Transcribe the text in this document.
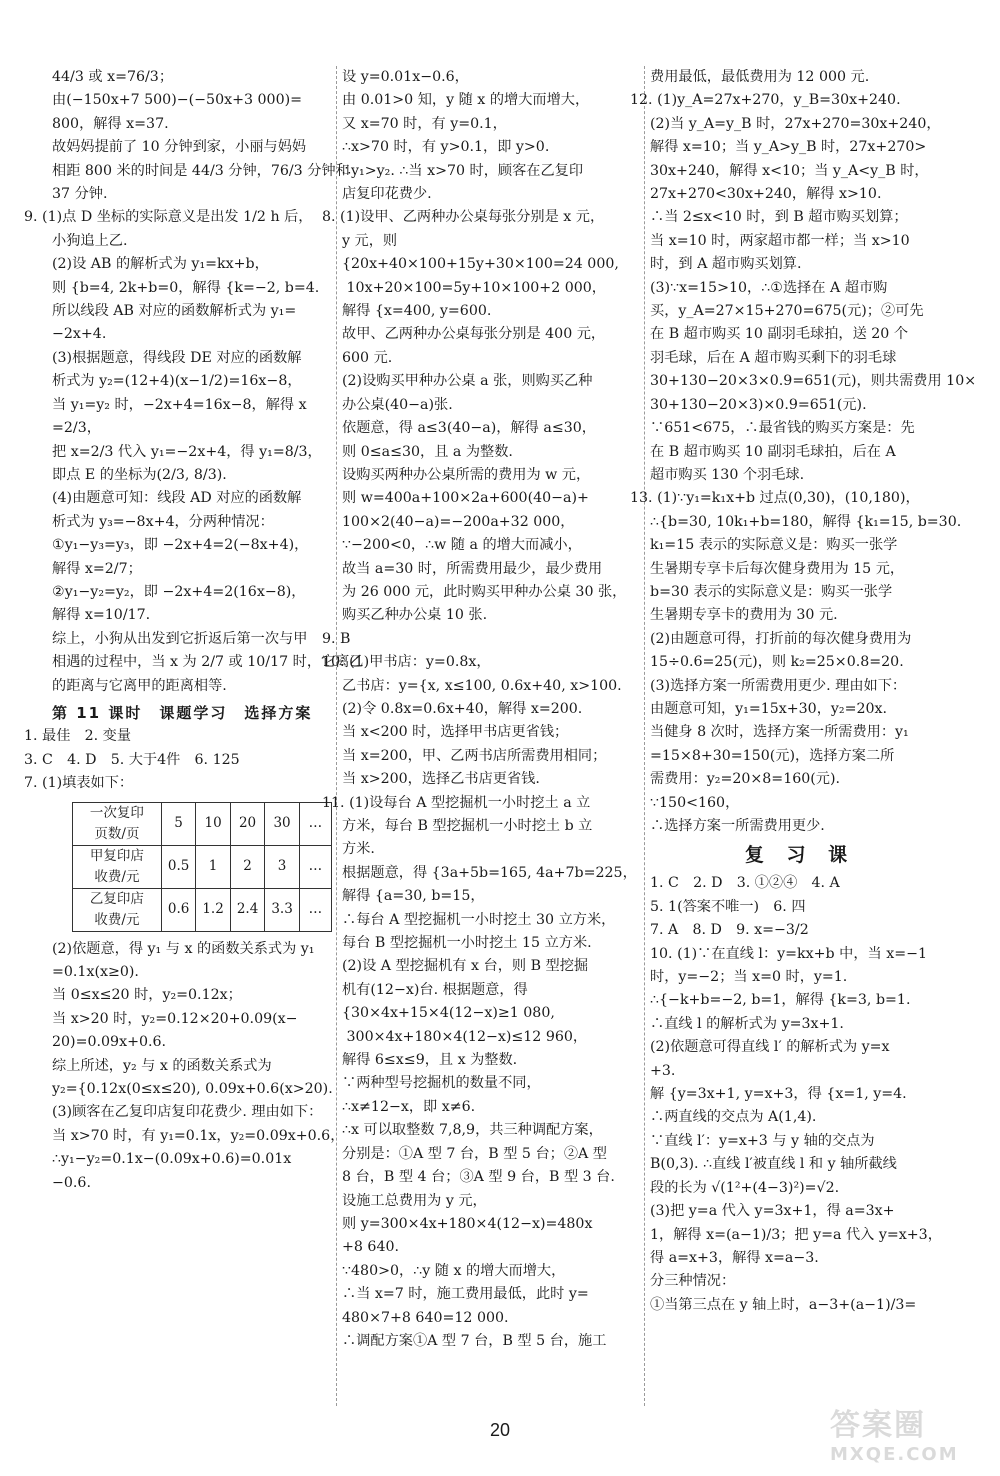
44/3 或 x=76/3；
由(−150x+7 500)−(−50x+3 000)=
800，解得 x=37.
故妈妈提前了 10 分钟到家，小丽与妈妈
相距 800 米的时间是 44/3 分钟，76/3 分钟和
37 分钟.
9. (1)点 D 坐标的实际意义是出发 1/2 h 后，
小狗追上乙.
(2)设 AB 的解析式为 y₁=kx+b，
则 {b=4, 2k+b=0，解得 {k=−2, b=4.
所以线段 AB 对应的函数解析式为 y₁=
−2x+4.
(3)根据题意，得线段 DE 对应的函数解
析式为 y₂=(12+4)(x−1/2)=16x−8，
当 y₁=y₂ 时，−2x+4=16x−8，解得 x
=2/3，
把 x=2/3 代入 y₁=−2x+4，得 y₁=8/3，
即点 E 的坐标为(2/3, 8/3).
(4)由题意可知：线段 AD 对应的函数解
析式为 y₃=−8x+4，分两种情况：
①y₁−y₃=y₃，即 −2x+4=2(−8x+4)，
解得 x=2/7；
②y₁−y₂=y₂，即 −2x+4=2(16x−8)，
解得 x=10/17.
综上，小狗从出发到它折返后第一次与甲
相遇的过程中，当 x 为 2/7 或 10/17 时，它离乙
的距离与它离甲的距离相等.
第 11 课时　课题学习　选择方案
1. 最佳　2. 变量
3. C　4. D　5. 大于4件　6. 125
7. (1)填表如下：
一次复印
页数/页	5	10	20	30	…

甲复印店
收费/元	0.5	1	2	3	…

乙复印店
收费/元	0.6	1.2	2.4	3.3	…
(2)依题意，得 y₁ 与 x 的函数关系式为 y₁
=0.1x(x≥0).
当 0≤x≤20 时，y₂=0.12x；
当 x>20 时，y₂=0.12×20+0.09(x−
20)=0.09x+0.6.
综上所述，y₂ 与 x 的函数关系式为
y₂={0.12x(0≤x≤20), 0.09x+0.6(x>20).
(3)顾客在乙复印店复印花费少. 理由如下：
当 x>70 时，有 y₁=0.1x，y₂=0.09x+0.6，
∴y₁−y₂=0.1x−(0.09x+0.6)=0.01x
−0.6.
设 y=0.01x−0.6，
由 0.01>0 知，y 随 x 的增大而增大，
又 x=70 时，有 y=0.1，
∴x>70 时，有 y>0.1，即 y>0.
∴y₁>y₂. ∴当 x>70 时，顾客在乙复印
店复印花费少.
8. (1)设甲、乙两种办公桌每张分别是 x 元，
y 元，则
{20x+40×100+15y+30×100=24 000,
10x+20×100=5y+10×100+2 000，
解得 {x=400, y=600.
故甲、乙两种办公桌每张分别是 400 元，
600 元.
(2)设购买甲种办公桌 a 张，则购买乙种
办公桌(40−a)张.
依题意，得 a≤3(40−a)，解得 a≤30，
则 0≤a≤30，且 a 为整数.
设购买两种办公桌所需的费用为 w 元，
则 w=400a+100×2a+600(40−a)+
100×2(40−a)=−200a+32 000，
∵−200<0，∴w 随 a 的增大而减小，
故当 a=30 时，所需费用最少，最少费用
为 26 000 元，此时购买甲种办公桌 30 张，
购买乙种办公桌 10 张.
9. B
10. (1)甲书店：y=0.8x，
乙书店：y={x, x≤100, 0.6x+40, x>100.
(2)令 0.8x=0.6x+40，解得 x=200.
当 x<200 时，选择甲书店更省钱；
当 x=200，甲、乙两书店所需费用相同；
当 x>200，选择乙书店更省钱.
11. (1)设每台 A 型挖掘机一小时挖土 a 立
方米，每台 B 型挖掘机一小时挖土 b 立
方米.
根据题意，得 {3a+5b=165, 4a+7b=225，
解得 {a=30, b=15，
∴每台 A 型挖掘机一小时挖土 30 立方米，
每台 B 型挖掘机一小时挖土 15 立方米.
(2)设 A 型挖掘机有 x 台，则 B 型挖掘
机有(12−x)台. 根据题意，得
{30×4x+15×4(12−x)≥1 080,
300×4x+180×4(12−x)≤12 960，
解得 6≤x≤9，且 x 为整数.
∵两种型号挖掘机的数量不同，
∴x≠12−x，即 x≠6.
∴x 可以取整数 7,8,9，共三种调配方案，
分别是：①A 型 7 台，B 型 5 台；②A 型
8 台，B 型 4 台；③A 型 9 台，B 型 3 台.
设施工总费用为 y 元，
则 y=300×4x+180×4(12−x)=480x
+8 640.
∵480>0，∴y 随 x 的增大而增大，
∴当 x=7 时，施工费用最低，此时 y=
480×7+8 640=12 000.
∴调配方案①A 型 7 台，B 型 5 台，施工
费用最低，最低费用为 12 000 元.
12. (1)y_A=27x+270，y_B=30x+240.
(2)当 y_A=y_B 时，27x+270=30x+240，
解得 x=10；当 y_A>y_B 时，27x+270>
30x+240，解得 x<10；当 y_A<y_B 时，
27x+270<30x+240，解得 x>10.
∴当 2≤x<10 时，到 B 超市购买划算；
当 x=10 时，两家超市都一样；当 x>10
时，到 A 超市购买划算.
(3)∵x=15>10，∴①选择在 A 超市购
买，y_A=27×15+270=675(元)；②可先
在 B 超市购买 10 副羽毛球拍，送 20 个
羽毛球，后在 A 超市购买剩下的羽毛球
30+130−20×3×0.9=651(元)，则共需费用 10×
30+130−20×3)×0.9=651(元).
∵651<675，∴最省钱的购买方案是：先
在 B 超市购买 10 副羽毛球拍，后在 A
超市购买 130 个羽毛球.
13. (1)∵y₁=k₁x+b 过点(0,30)，(10,180)，
∴{b=30, 10k₁+b=180，解得 {k₁=15, b=30.
k₁=15 表示的实际意义是：购买一张学
生暑期专享卡后每次健身费用为 15 元，
b=30 表示的实际意义是：购买一张学
生暑期专享卡的费用为 30 元.
(2)由题意可得，打折前的每次健身费用为
15÷0.6=25(元)，则 k₂=25×0.8=20.
(3)选择方案一所需费用更少. 理由如下：
由题意可知，y₁=15x+30，y₂=20x.
当健身 8 次时，选择方案一所需费用：y₁
=15×8+30=150(元)，选择方案二所
需费用：y₂=20×8=160(元).
∵150<160，
∴选择方案一所需费用更少.
复 习 课
1. C　2. D　3. ①②④　4. A
5. 1(答案不唯一)　6. 四
7. A　8. D　9. x=−3/2
10. (1)∵在直线 l：y=kx+b 中，当 x=−1
时，y=−2；当 x=0 时，y=1.
∴{−k+b=−2, b=1，解得 {k=3, b=1.
∴直线 l 的解析式为 y=3x+1.
(2)依题意可得直线 l′ 的解析式为 y=x
+3.
解 {y=3x+1, y=x+3，得 {x=1, y=4.
∴两直线的交点为 A(1,4).
∵直线 l′：y=x+3 与 y 轴的交点为
B(0,3). ∴直线 l′被直线 l 和 y 轴所截线
段的长为 √(1²+(4−3)²)=√2.
(3)把 y=a 代入 y=3x+1，得 a=3x+
1，解得 x=(a−1)/3；把 y=a 代入 y=x+3，
得 a=x+3，解得 x=a−3.
分三种情况：
①当第三点在 y 轴上时，a−3+(a−1)/3=
20	答案圈
MXQE.COM
